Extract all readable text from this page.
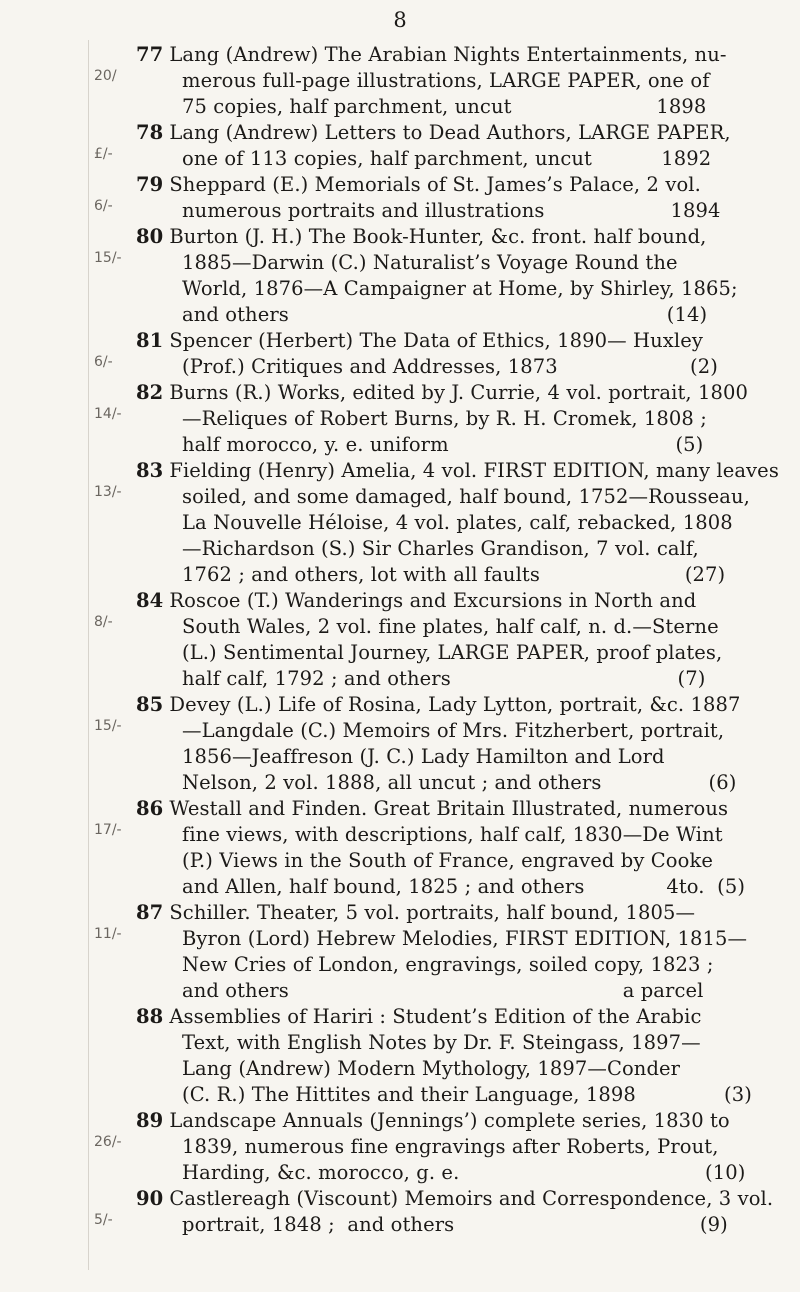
8
20/
77 Lang (Andrew) The Arabian Nights Entertainments, nu-
merous full-page illustrations, LARGE PAPER, one of
75 copies, half parchment, uncut                       1898
£/-
78 Lang (Andrew) Letters to Dead Authors, LARGE PAPER,
one of 113 copies, half parchment, uncut           1892
6/-
79 Sheppard (E.) Memorials of St. James’s Palace, 2 vol.
numerous portraits and illustrations                    1894
15/-
80 Burton (J. H.) The Book-Hunter, &c. front. half bound,
1885—Darwin (C.) Naturalist’s Voyage Round the
World, 1876—A Campaigner at Home, by Shirley, 1865;
and others                                                            (14)
6/-
81 Spencer (Herbert) The Data of Ethics, 1890— Huxley
(Prof.) Critiques and Addresses, 1873                     (2)
14/-
82 Burns (R.) Works, edited by J. Currie, 4 vol. portrait, 1800
—Reliques of Robert Burns, by R. H. Cromek, 1808 ;
half morocco, y. e. uniform                                    (5)
13/-
83 Fielding (Henry) Amelia, 4 vol. FIRST EDITION, many leaves
soiled, and some damaged, half bound, 1752—Rousseau,
La Nouvelle Héloise, 4 vol. plates, calf, rebacked, 1808
—Richardson (S.) Sir Charles Grandison, 7 vol. calf,
1762 ; and others, lot with all faults                       (27)
8/-
84 Roscoe (T.) Wanderings and Excursions in North and
South Wales, 2 vol. fine plates, half calf, n. d.—Sterne
(L.) Sentimental Journey, LARGE PAPER, proof plates,
half calf, 1792 ; and others                                    (7)
15/-
85 Devey (L.) Life of Rosina, Lady Lytton, portrait, &c. 1887
—Langdale (C.) Memoirs of Mrs. Fitzherbert, portrait,
1856—Jeaffreson (J. C.) Lady Hamilton and Lord
Nelson, 2 vol. 1888, all uncut ; and others                 (6)
17/-
86 Westall and Finden. Great Britain Illustrated, numerous
fine views, with descriptions, half calf, 1830—De Wint
(P.) Views in the South of France, engraved by Cooke
and Allen, half bound, 1825 ; and others             4to.  (5)
11/-
87 Schiller. Theater, 5 vol. portraits, half bound, 1805—
Byron (Lord) Hebrew Melodies, FIRST EDITION, 1815—
New Cries of London, engravings, soiled copy, 1823 ;
and others                                                     a parcel
88 Assemblies of Hariri : Student’s Edition of the Arabic
Text, with English Notes by Dr. F. Steingass, 1897—
Lang (Andrew) Modern Mythology, 1897—Conder
(C. R.) The Hittites and their Language, 1898              (3)
26/-
89 Landscape Annuals (Jennings’) complete series, 1830 to
1839, numerous fine engravings after Roberts, Prout,
Harding, &c. morocco, g. e.                                       (10)
5/-
90 Castlereagh (Viscount) Memoirs and Correspondence, 3 vol.
portrait, 1848 ;  and others                                       (9)
